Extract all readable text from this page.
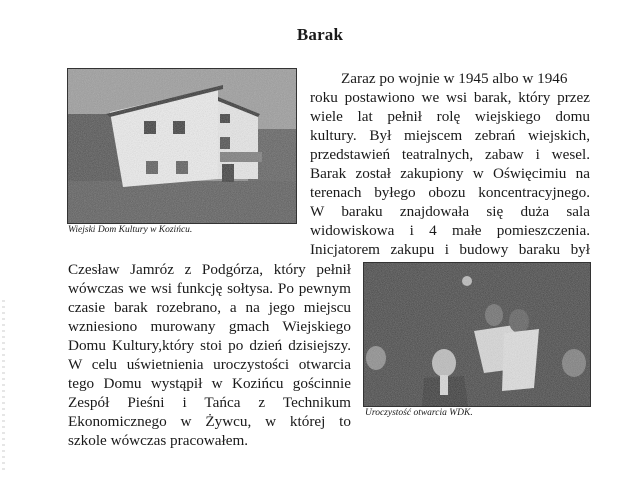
Barak
Wiejski Dom Kultury w Kozińcu.
Zaraz po wojnie w 1945 albo w 1946
roku postawiono we wsi barak, który przez
wiele lat pełnił rolę wiejskiego domu
kultury. Był miejscem zebrań wiejskich,
przedstawień teatralnych, zabaw i wesel.
Barak został zakupiony w Oświęcimiu na
terenach byłego obozu koncentracyjnego.
W baraku znajdowała się duża sala
widowiskowa i 4 małe pomieszczenia.
Inicjatorem zakupu i budowy baraku był
Czesław Jamróz z Podgórza, który pełnił
wówczas we wsi funkcję sołtysa. Po pewnym
czasie barak rozebrano, a na jego miejscu
wzniesiono murowany gmach Wiejskiego
Domu Kultury,który stoi po dzień dzisiejszy.
W celu uświetnienia uroczystości otwarcia
tego Domu wystąpił w Kozińcu gościnnie
Zespół Pieśni i Tańca z Technikum
Ekonomicznego w Żywcu, w której to
szkole wówczas pracowałem.
Uroczystość otwarcia WDK.
